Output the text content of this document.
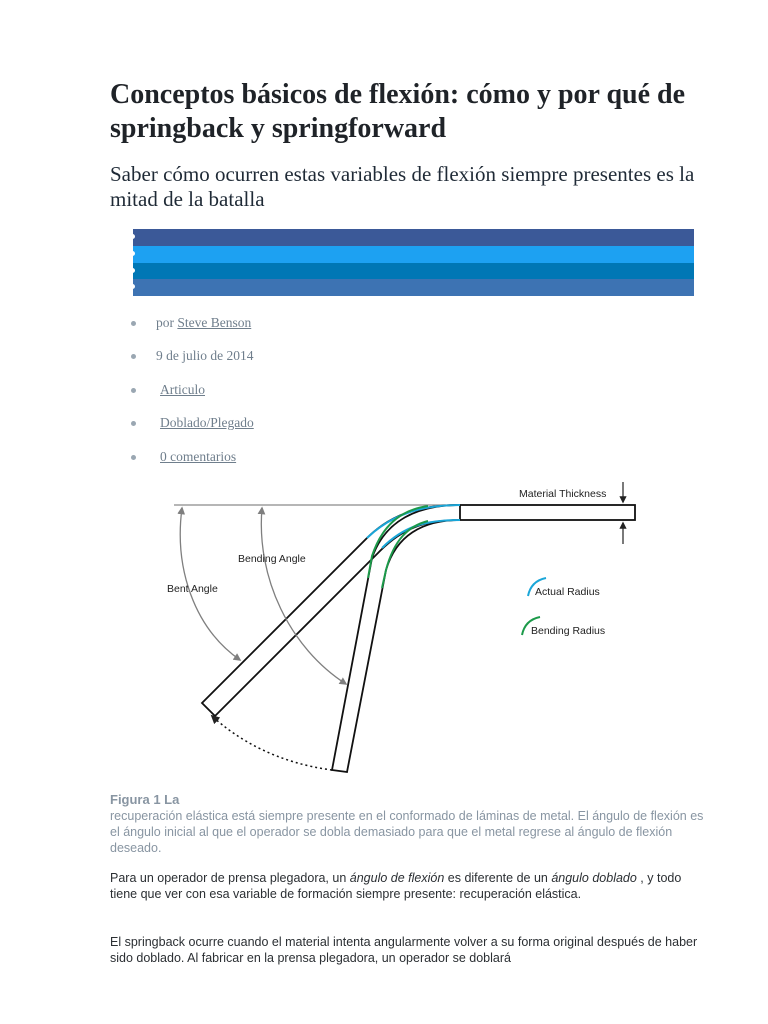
Conceptos básicos de flexión: cómo y por qué de springback y springforward
Saber cómo ocurren estas variables de flexión siempre presentes es la mitad de la batalla
por Steve Benson
9 de julio de 2014
Articulo
Doblado/Plegado
0 comentarios
Material Thickness
Bending Angle
Bent Angle	Actual Radius
Bending Radius
Figura 1 La

recuperación elástica está siempre presente en el conformado de láminas de metal. El ángulo de flexión es el ángulo inicial al que el operador se dobla demasiado para que el metal regrese al ángulo de flexión deseado.

Para un operador de prensa plegadora, un ángulo de flexión es diferente de un ángulo doblado , y todo tiene que ver con esa variable de formación siempre presente: recuperación elástica.

El springback ocurre cuando el material intenta angularmente volver a su forma original después de haber sido doblado. Al fabricar en la prensa plegadora, un operador se doblará
